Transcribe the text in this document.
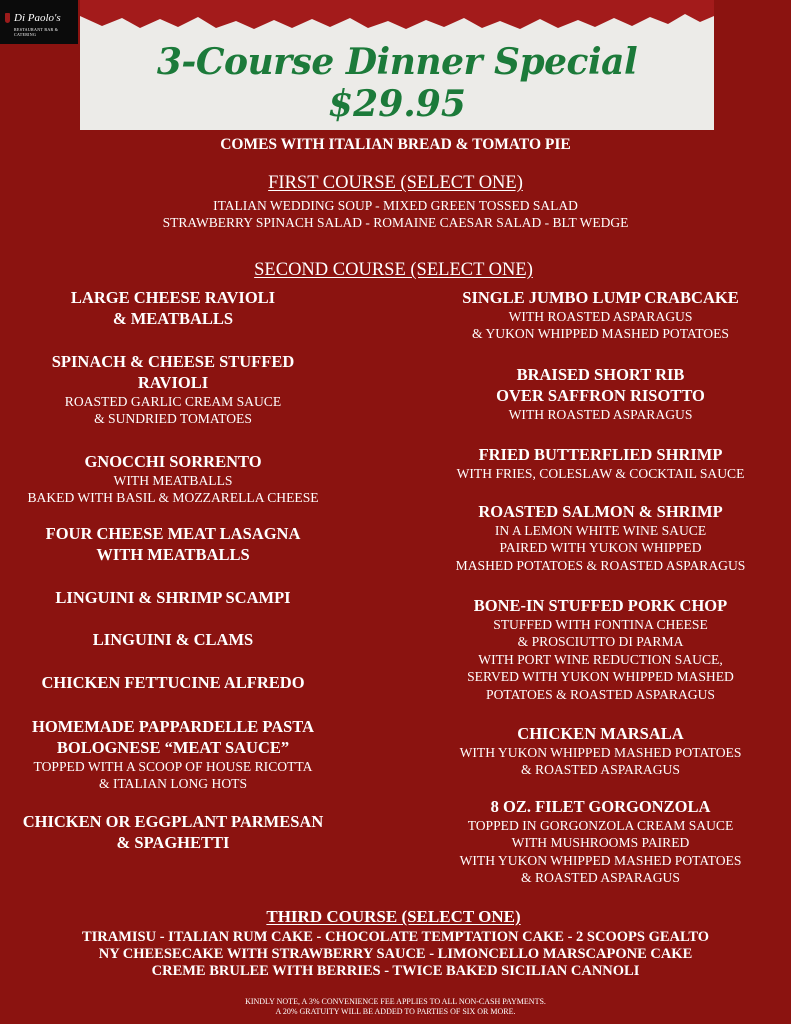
Di Paolo's
RESTAURANT BAR & CATERING
3-Course Dinner Special
$29.95
COMES WITH ITALIAN BREAD & TOMATO PIE
FIRST COURSE (SELECT ONE)
ITALIAN WEDDING SOUP - MIXED GREEN TOSSED SALAD
STRAWBERRY SPINACH SALAD - ROMAINE CAESAR SALAD - BLT WEDGE
SECOND COURSE (SELECT ONE)
LARGE CHEESE RAVIOLI
& MEATBALLS
SPINACH & CHEESE STUFFED
RAVIOLI
ROASTED GARLIC CREAM SAUCE
& SUNDRIED TOMATOES
GNOCCHI SORRENTO
WITH MEATBALLS
BAKED WITH BASIL & MOZZARELLA CHEESE
FOUR CHEESE MEAT LASAGNA
WITH MEATBALLS
LINGUINI & SHRIMP SCAMPI
LINGUINI & CLAMS
CHICKEN FETTUCINE ALFREDO
HOMEMADE PAPPARDELLE PASTA
BOLOGNESE “MEAT SAUCE”
TOPPED WITH A SCOOP OF HOUSE RICOTTA
& ITALIAN LONG HOTS
CHICKEN OR EGGPLANT PARMESAN
& SPAGHETTI
SINGLE JUMBO LUMP CRABCAKE
WITH ROASTED ASPARAGUS
& YUKON WHIPPED MASHED POTATOES
BRAISED SHORT RIB
OVER SAFFRON RISOTTO
WITH ROASTED ASPARAGUS
FRIED BUTTERFLIED SHRIMP
WITH FRIES, COLESLAW & COCKTAIL SAUCE
ROASTED SALMON & SHRIMP
IN A LEMON WHITE WINE SAUCE
PAIRED WITH YUKON WHIPPED
MASHED POTATOES & ROASTED ASPARAGUS
BONE-IN STUFFED PORK CHOP
STUFFED WITH FONTINA CHEESE
& PROSCIUTTO DI PARMA
WITH PORT WINE REDUCTION SAUCE,
SERVED WITH YUKON WHIPPED MASHED
POTATOES & ROASTED ASPARAGUS
CHICKEN MARSALA
WITH YUKON WHIPPED MASHED POTATOES
& ROASTED ASPARAGUS
8 OZ. FILET GORGONZOLA
TOPPED IN GORGONZOLA CREAM SAUCE
WITH MUSHROOMS PAIRED
WITH YUKON WHIPPED MASHED POTATOES
& ROASTED ASPARAGUS
THIRD COURSE (SELECT ONE)
TIRAMISU - ITALIAN RUM CAKE - CHOCOLATE TEMPTATION CAKE - 2 SCOOPS GEALTO
NY CHEESECAKE WITH STRAWBERRY SAUCE - LIMONCELLO MARSCAPONE CAKE
CREME BRULEE WITH BERRIES - TWICE BAKED SICILIAN CANNOLI
KINDLY NOTE, A 3% CONVENIENCE FEE APPLIES TO ALL NON-CASH PAYMENTS.
A 20% GRATUITY WILL BE ADDED TO PARTIES OF SIX OR MORE.
